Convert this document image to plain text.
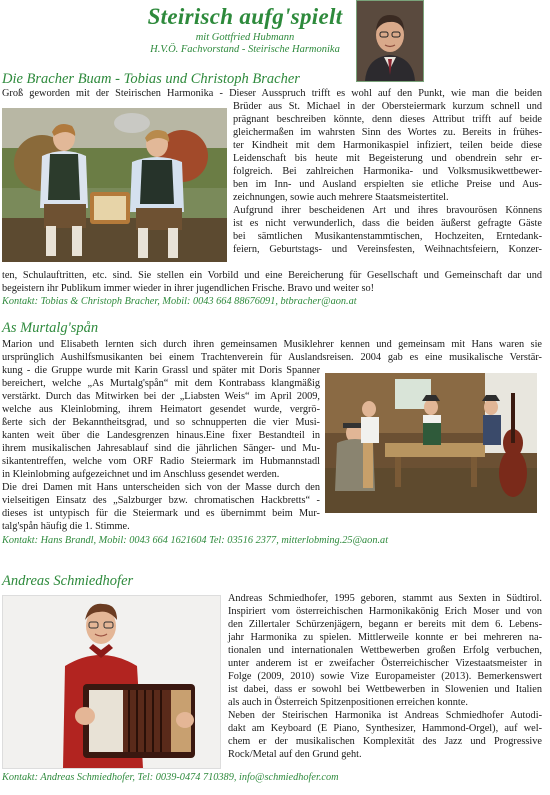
Steirisch aufg'spielt
mit Gottfried Hubmann
H.V.Ö. Fachvorstand - Steirische Harmonika
Die Bracher Buam - Tobias und Christoph Bracher
Groß geworden mit der Steirischen Harmonika - Dieser Ausspruch trifft es wohl auf den Punkt, wie man die beiden
Brüder aus St. Michael in der Obersteiermark kurzum schnell und
prägnant beschreiben könnte, denn dieses Attribut trifft auf beide
gleichermaßen im wahrsten Sinn des Wortes zu. Bereits in frühes-
ter Kindheit mit dem Harmonikaspiel infiziert, teilen beide diese
Leidenschaft bis heute mit Begeisterung und obendrein sehr er-
folgreich. Bei zahlreichen Harmonika- und Volksmusikwettbewer-
ben im Inn- und Ausland erspielten sie etliche Preise und Aus-
zeichnungen, sowie auch mehrere Staatsmeistertitel.
Aufgrund ihrer bescheidenen Art und ihres bravourösen Könnens
ist es nicht verwunderlich, dass die beiden äußerst gefragte Gäste
bei sämtlichen Musikantenstammtischen, Hochzeiten, Erntedank-
feiern, Geburtstags- und Vereinsfesten, Weihnachtsfeiern, Konzer-
ten, Schulauftritten, etc. sind. Sie stellen ein Vorbild und eine Bereicherung für Gesellschaft und Gemeinschaft dar und
begeistern ihr Publikum immer wieder in ihrer jugendlichen Frische. Bravo und weiter so!
Kontakt: Tobias & Christoph Bracher, Mobil: 0043 664 88676091, btbracher@aon.at
As Murtalg'spån
Marion und Elisabeth lernten sich durch ihren gemeinsamen Musiklehrer kennen und gemeinsam mit Hans waren sie
ursprünglich Aushilfsmusikanten bei einem Trachtenverein für Auslandsreisen. 2004 gab es eine musikalische Verstär-
kung - die Gruppe wurde mit Karin Grassl und später mit Doris Spanner
bereichert, welche „As Murtalg'spån“ mit dem Kontrabass klangmäßig
verstärkt. Durch das Mitwirken bei der „Liabsten Weis“ im April 2009,
welche aus Kleinlobming, ihrem Heimatort gesendet wurde, vergrö-
ßerte sich der Bekanntheitsgrad, und so schnupperten die vier Musi-
kanten weit über die Landesgrenzen hinaus.Eine fixer Bestandteil in
ihrem musikalischen Jahresablauf sind die jährlichen Sänger- und Mu-
sikantentreffen, welche vom ORF Radio Steiermark im Hubmannstadl
in Kleinlobming aufgezeichnet und im Anschluss gesendet werden.
Die drei Damen mit Hans unterscheiden sich von der Masse durch den
vielseitigen Einsatz des „Salzburger bzw. chromatischen Hackbretts“ -
dieses ist untypisch für die Steiermark und es übernimmt beim Mur-
talg'spån häufig die 1. Stimme.
Kontakt: Hans Brandl, Mobil: 0043 664 1621604 Tel: 03516 2377, mitterlobming.25@aon.at
Andreas Schmiedhofer
Andreas Schmiedhofer, 1995 geboren, stammt aus Sexten in Südtirol.
Inspiriert vom österreichischen Harmonikakönig Erich Moser und von
den Zillertaler Schürzenjägern, begann er bereits mit dem 6. Lebens-
jahr Harmonika zu spielen. Mittlerweile konnte er bei mehreren na-
tionalen und internationalen Wettbewerben großen Erfolg verbuchen,
unter anderem ist er zweifacher Österreichischer Vizestaatsmeister in
Folge (2009, 2010) sowie Vize Europameister (2013). Bemerkenswert
ist dabei, dass er sowohl bei Wettbewerben in Slowenien und Italien
als auch in Österreich Spitzenpositionen erreichen konnte.
Neben der Steirischen Harmonika ist Andreas Schmiedhofer Autodi-
dakt am Keyboard (E Piano, Synthesizer, Hammond-Orgel), auf wel-
chem er der musikalischen Komplexität des Jazz und Progressive
Rock/Metal auf den Grund geht.
Kontakt: Andreas Schmiedhofer, Tel: 0039-0474 710389, info@schmiedhofer.com
